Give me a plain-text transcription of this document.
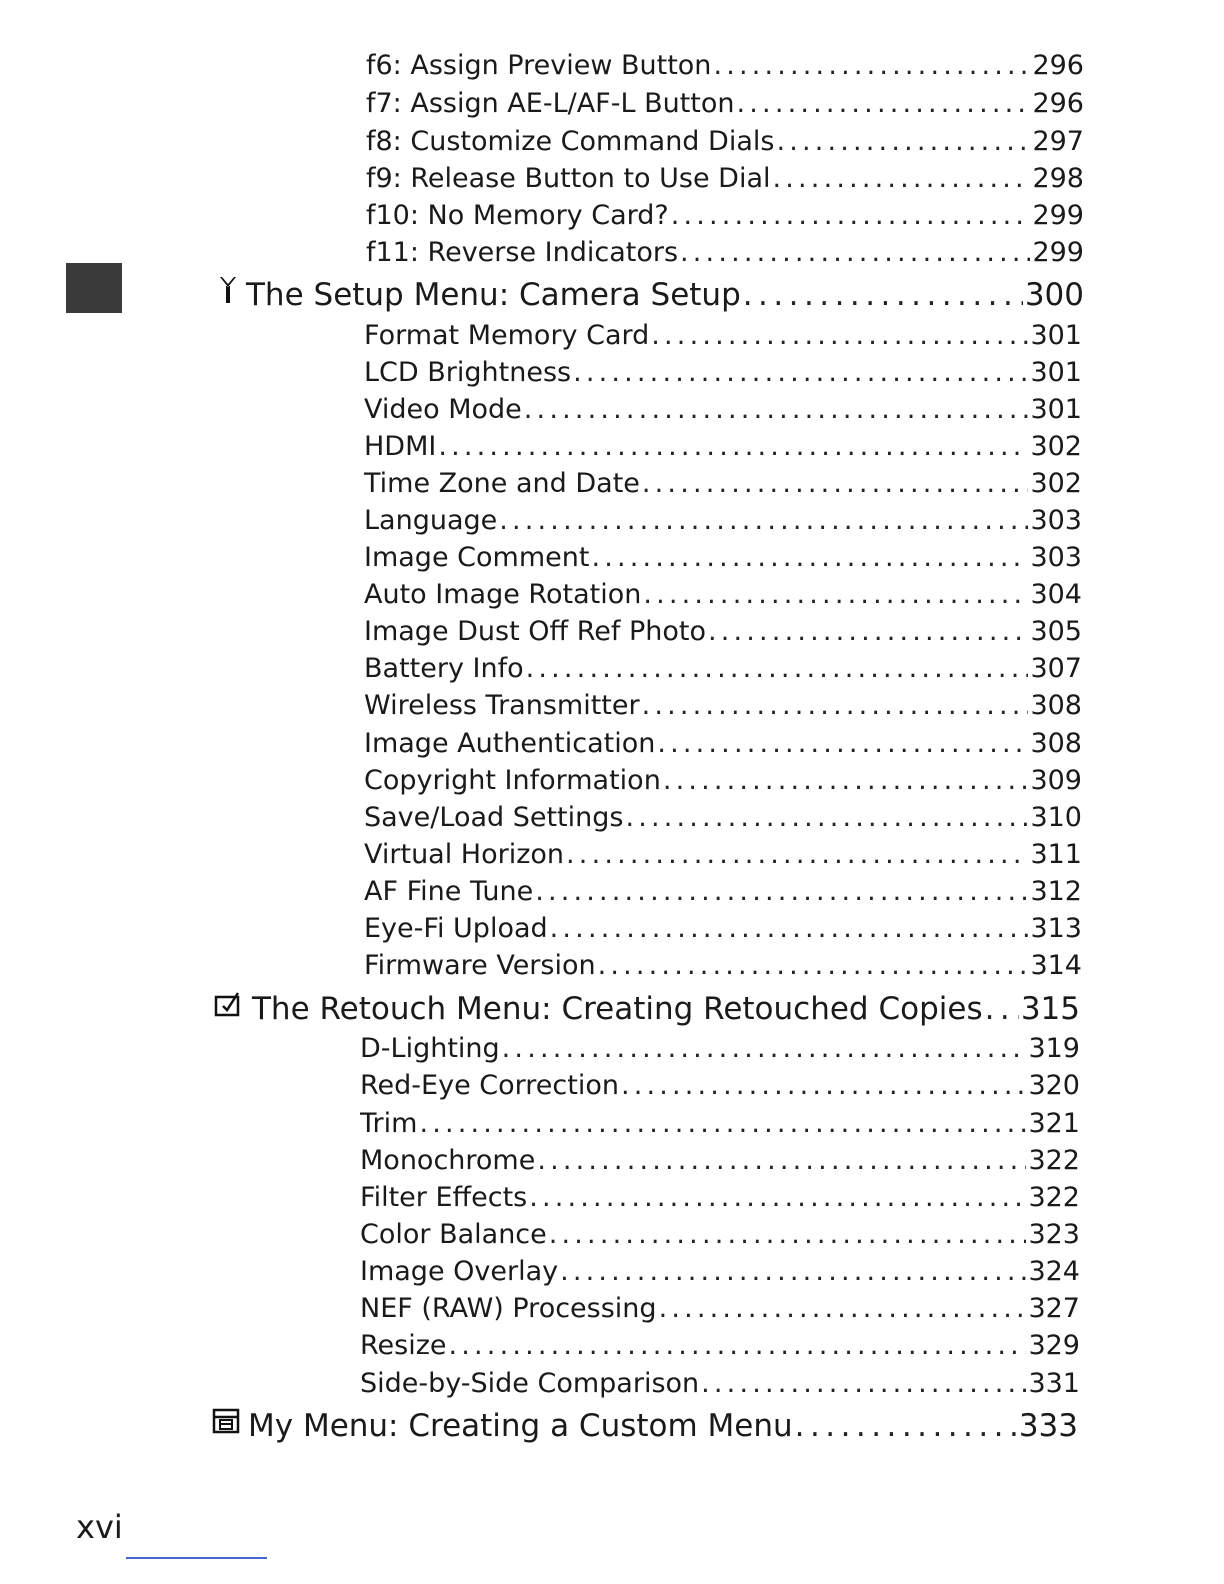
f6: Assign Preview Button . . .	296
f7: Assign AE-L/AF-L Button . . .	296
f8: Customize Command Dials . . .	297
f9: Release Button to Use Dial . . .	298
f10: No Memory Card? . . .	299
f11: Reverse Indicators . . .	299
The Setup Menu: Camera Setup . . .	300
Format Memory Card . . .	301
LCD Brightness . . .	301
Video Mode . . .	301
HDMI . . .	302
Time Zone and Date . . .	302
Language . . .	303
Image Comment . . .	303
Auto Image Rotation . . .	304
Image Dust Off Ref Photo . . .	305
Battery Info . . .	307
Wireless Transmitter . . .	308
Image Authentication . . .	308
Copyright Information . . .	309
Save/Load Settings . . .	310
Virtual Horizon . . .	311
AF Fine Tune . . .	312
Eye-Fi Upload . . .	313
Firmware Version . . .	314
The Retouch Menu: Creating Retouched Copies . . . 315
D-Lighting . . .	319
Red-Eye Correction . . .	320
Trim . . .	321
Monochrome . . .	322
Filter Effects . . .	322
Color Balance . . .	323
Image Overlay . . .	324
NEF (RAW) Processing . . .	327
Resize . . .	329
Side-by-Side Comparison . . .	331
My Menu: Creating a Custom Menu . . .	333
xvi
